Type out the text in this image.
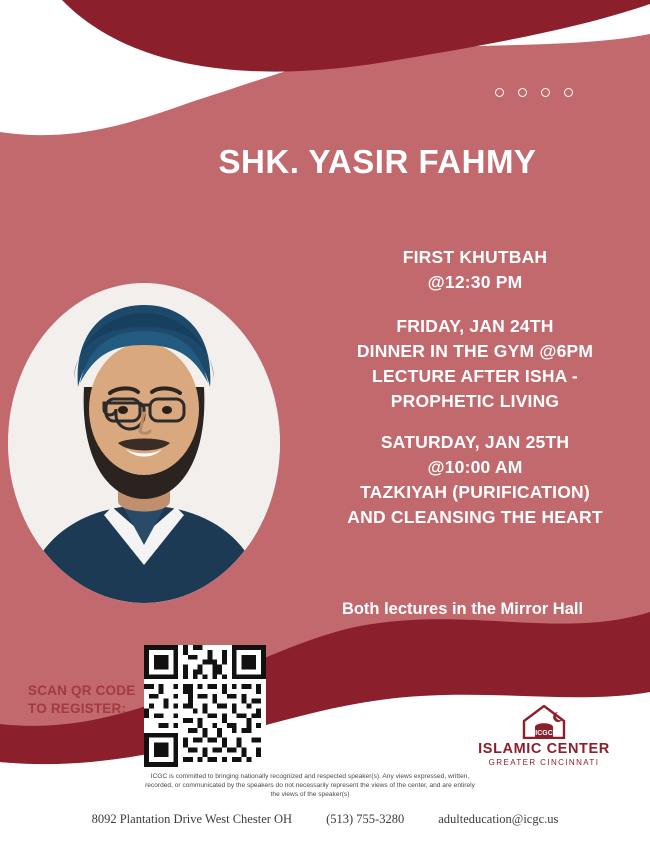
SHK. YASIR FAHMY
FIRST KHUTBAH
@12:30 PM
FRIDAY, JAN 24TH
DINNER IN THE GYM @6PM
LECTURE AFTER ISHA -
PROPHETIC LIVING
SATURDAY, JAN 25TH
@10:00 AM
TAZKIYAH (PURIFICATION)
AND CLEANSING THE HEART
Both lectures in the Mirror Hall
SCAN QR CODE TO REGISTER:
ICGC
ISLAMIC CENTER
GREATER CINCINNATI
ICGC is committed to bringing nationally recognized and respected speaker(s). Any views expressed, written, recorded, or communicated by the speakers do not necessarily represent the views of the center, and are entirely the views of the speaker(s)
8092 Plantation Drive West Chester OH	(513) 755-3280	adulteducation@icgc.us
